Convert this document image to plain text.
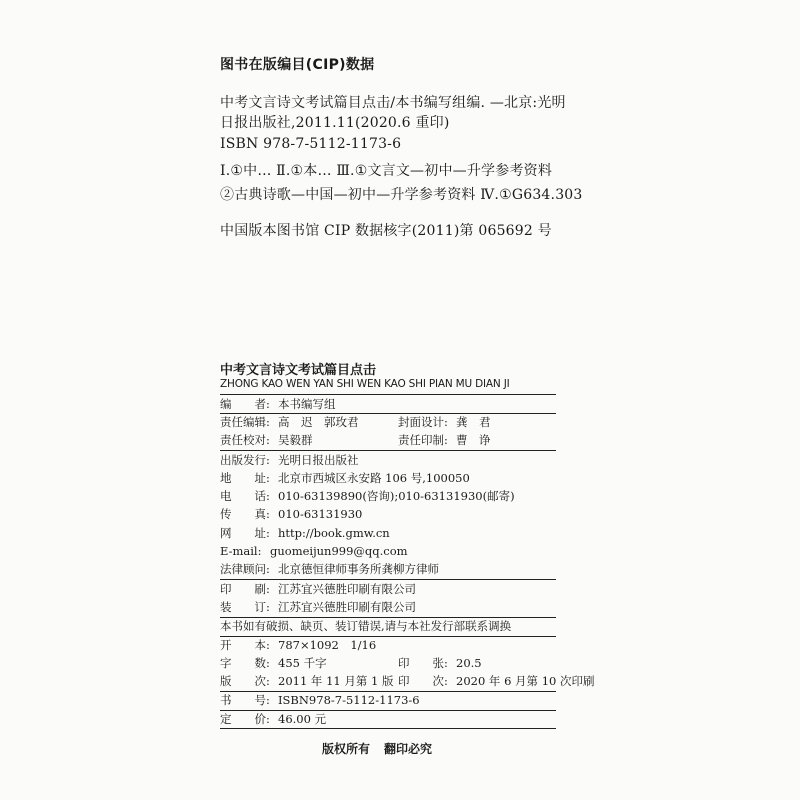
图书在版编目(CIP)数据
中考文言诗文考试篇目点击/本书编写组编. —北京:光明
日报出版社,2011.11(2020.6 重印)
ISBN 978-7-5112-1173-6
Ⅰ.①中… Ⅱ.①本… Ⅲ.①文言文—初中—升学参考资料
②古典诗歌—中国—初中—升学参考资料 Ⅳ.①G634.303
中国版本图书馆 CIP 数据核字(2011)第 065692 号
中考文言诗文考试篇目点击
ZHONG KAO WEN YAN SHI WEN KAO SHI PIAN MU DIAN JI
编　　者: 本书编写组
责任编辑: 高　迟　郭玫君	封面设计: 龚　君
责任校对: 吴毅群	责任印制: 曹　诤
出版发行: 光明日报出版社
地　　址: 北京市西城区永安路 106 号,100050
电　　话: 010-63139890(咨询);010-63131930(邮寄)
传　　真: 010-63131930
网　　址: http://book.gmw.cn
E-mail: guomeijun999@qq.com
法律顾问: 北京德恒律师事务所龚柳方律师
印　　刷: 江苏宜兴德胜印刷有限公司
装　　订: 江苏宜兴德胜印刷有限公司
本书如有破损、缺页、装订错误,请与本社发行部联系调换
开　　本: 787×1092　1/16
字　　数: 455 千字	印　　张: 20.5
版　　次: 2011 年 11 月第 1 版 印　　次: 2020 年 6 月第 10 次印刷
书　　号: ISBN978-7-5112-1173-6
定　　价: 46.00 元
版权所有 翻印必究
